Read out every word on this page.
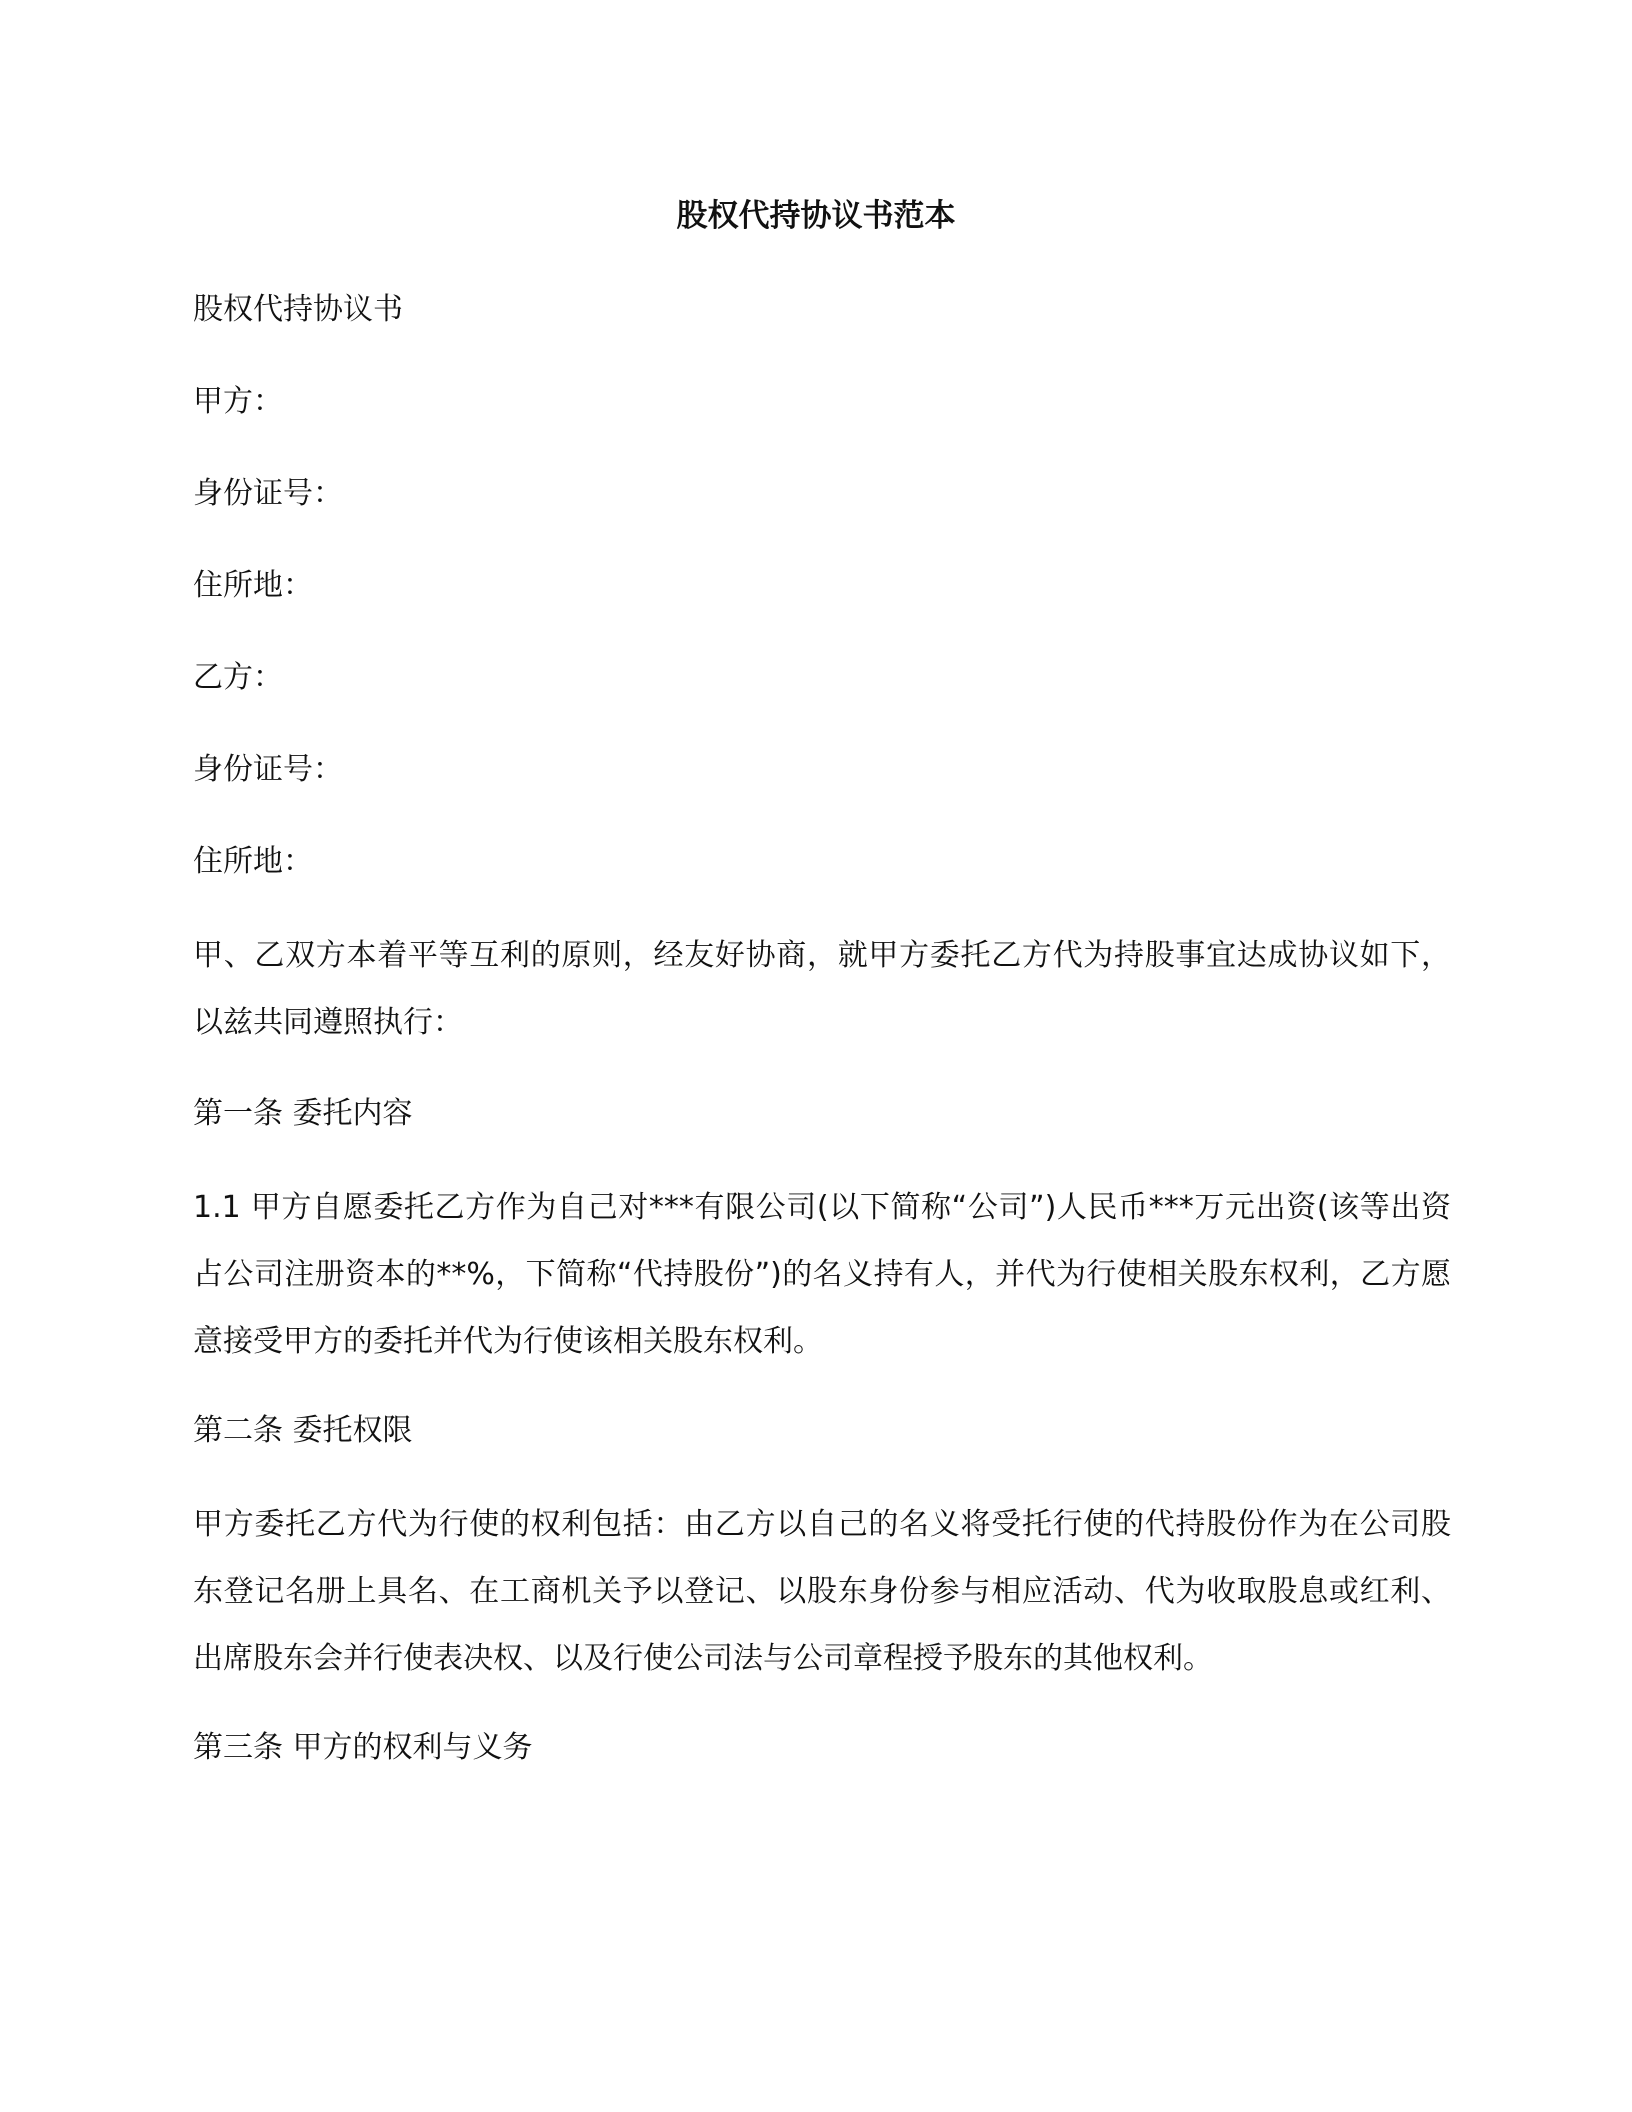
股权代持协议书范本

股权代持协议书

甲方：

身份证号：

住所地：

乙方：

身份证号：

住所地：

甲、乙双方本着平等互利的原则，经友好协商，就甲方委托乙方代为持股事宜达成协议如下，以兹共同遵照执行：

第一条 委托内容

1.1 甲方自愿委托乙方作为自己对***有限公司(以下简称“公司”)人民币***万元出资(该等出资占公司注册资本的**%，下简称“代持股份”)的名义持有人，并代为行使相关股东权利，乙方愿意接受甲方的委托并代为行使该相关股东权利。

第二条 委托权限

甲方委托乙方代为行使的权利包括：由乙方以自己的名义将受托行使的代持股份作为在公司股东登记名册上具名、在工商机关予以登记、以股东身份参与相应活动、代为收取股息或红利、出席股东会并行使表决权、以及行使公司法与公司章程授予股东的其他权利。

第三条 甲方的权利与义务
